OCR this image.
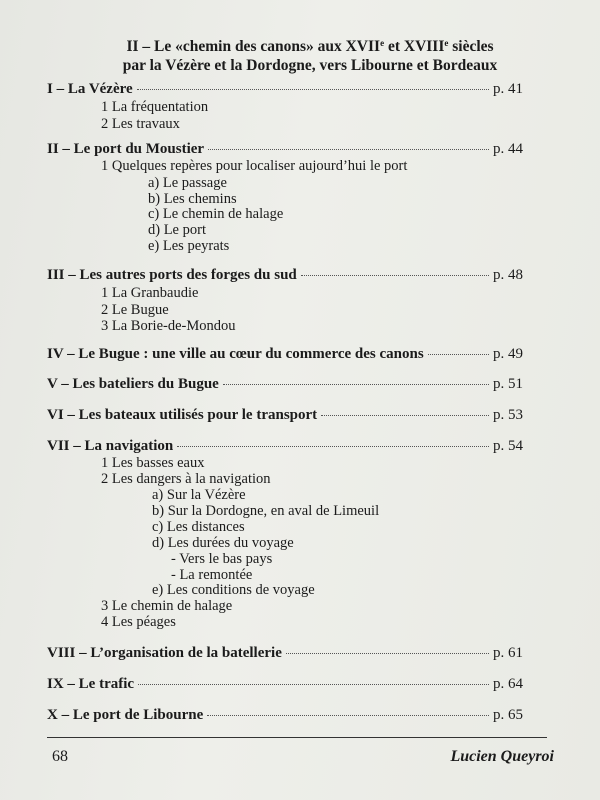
II – Le «chemin des canons» aux XVIIe et XVIIIe siècles
par la Vézère et la Dordogne, vers Libourne et Bordeaux
I – La Vézère	p. 41
1 La fréquentation
2 Les travaux
II – Le port du Moustier	p. 44
1 Quelques repères pour localiser aujourd’hui le port
a) Le passage
b) Les chemins
c) Le chemin de halage
d) Le port
e) Les peyrats
III – Les autres ports des forges du sud	p. 48
1 La Granbaudie
2 Le Bugue
3 La Borie-de-Mondou
IV – Le Bugue : une ville au cœur du commerce des canons	p. 49
V – Les bateliers du Bugue	p. 51
VI – Les bateaux utilisés pour le transport	p. 53
VII – La navigation	p. 54
1 Les basses eaux
2 Les dangers à la navigation
a) Sur la Vézère
b) Sur la Dordogne, en aval de Limeuil
c) Les distances
d) Les durées du voyage
- Vers le bas pays
- La remontée
e) Les conditions de voyage
3 Le chemin de halage
4 Les péages
VIII – L’organisation de la batellerie	p. 61
IX – Le trafic	p. 64
X – Le port de Libourne	p. 65
68	Lucien Queyroi
